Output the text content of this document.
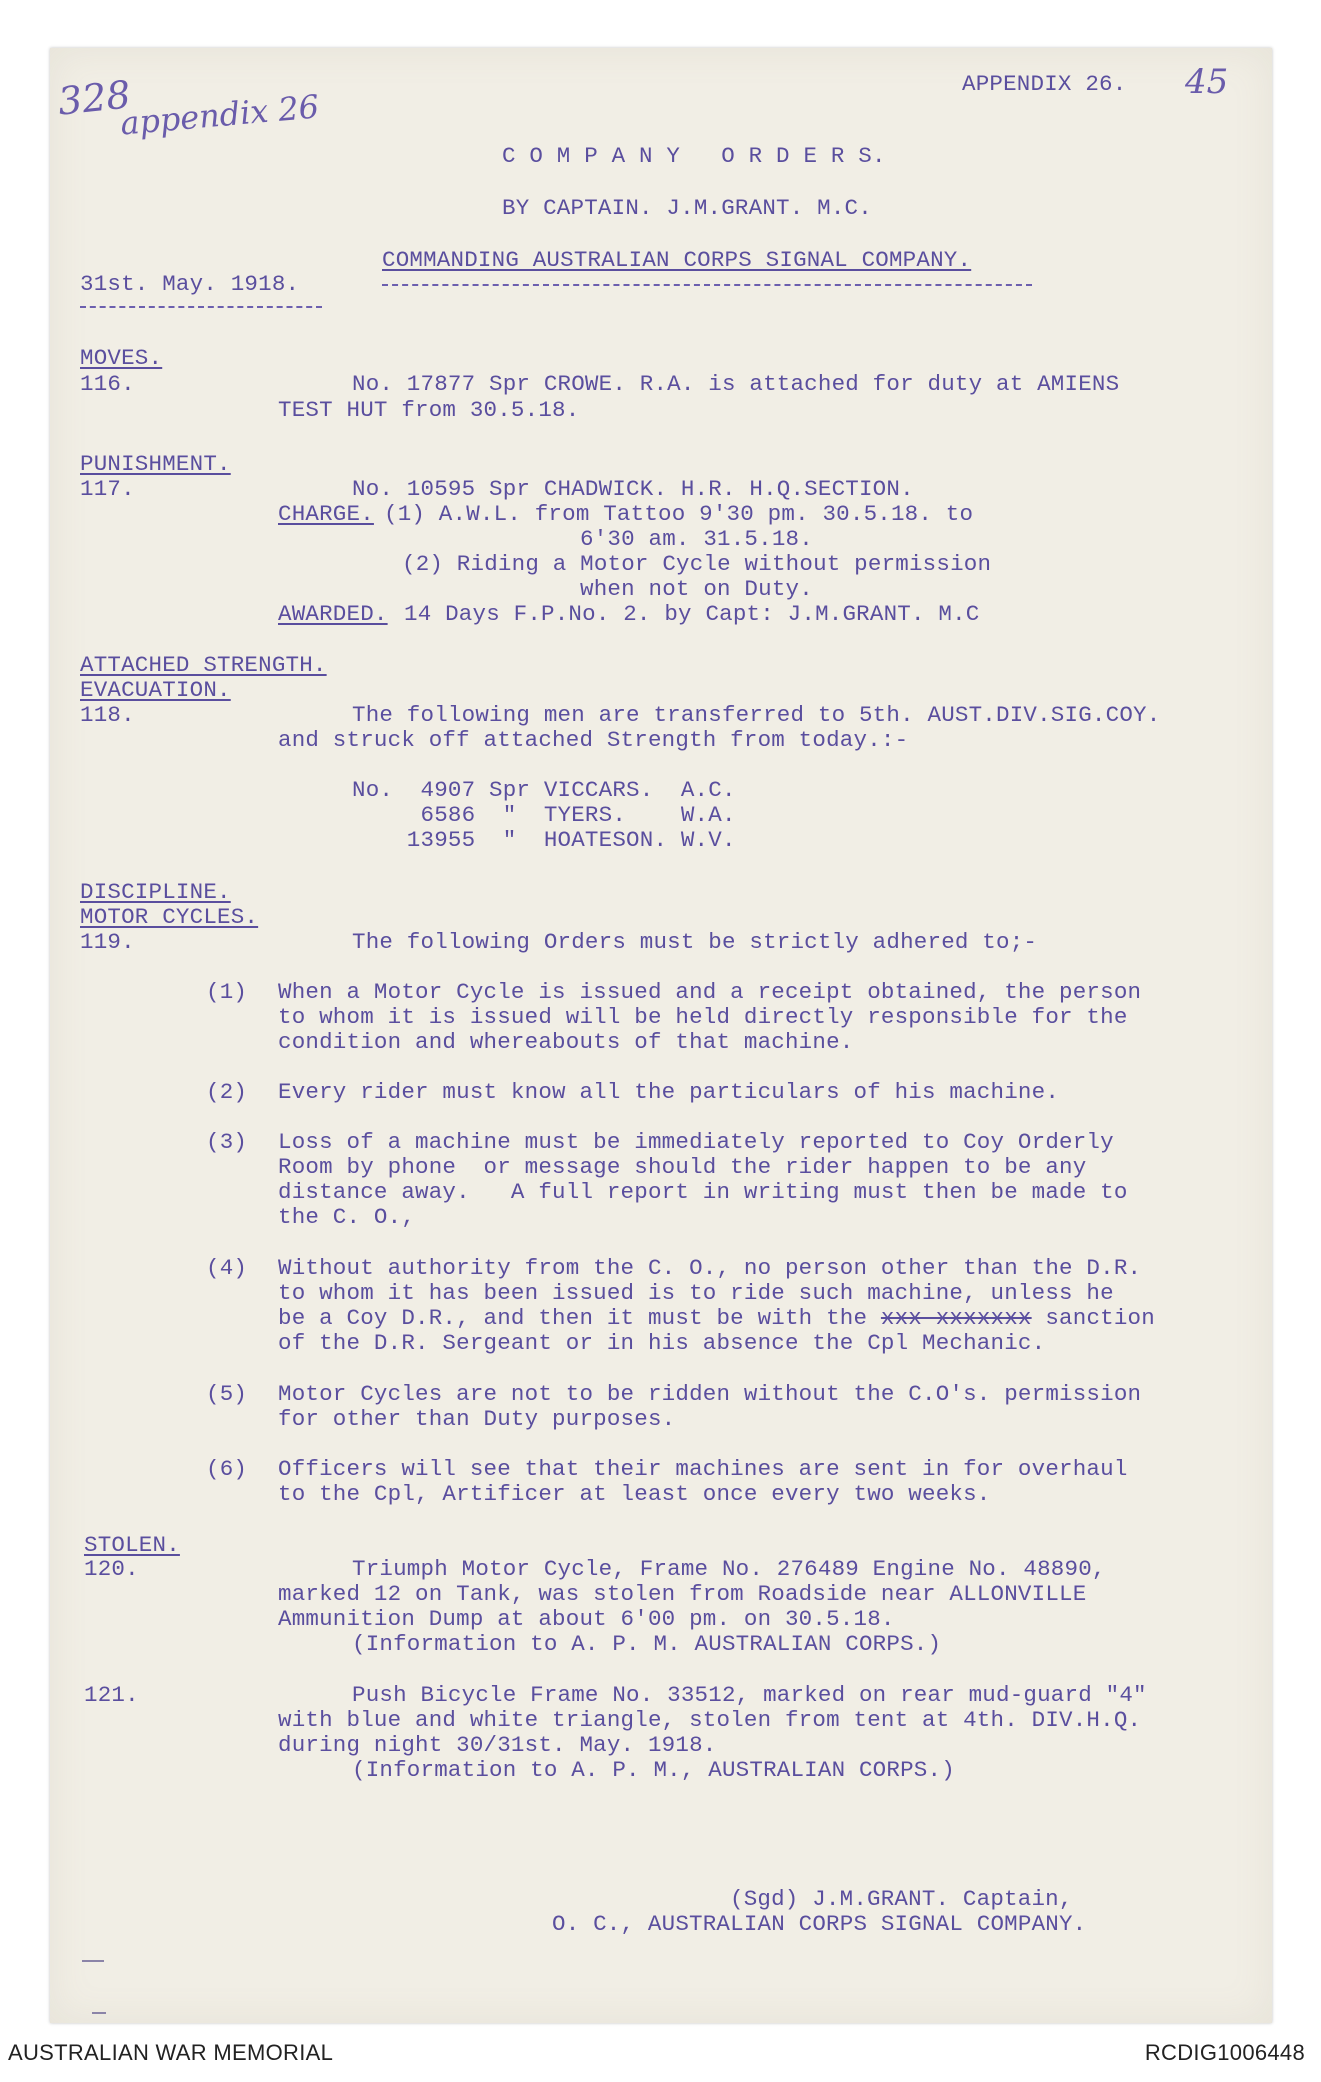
328
appendix 26
45
APPENDIX 26.
C O M P A N Y   O R D E R S.
BY CAPTAIN. J.M.GRANT. M.C.
COMMANDING AUSTRALIAN CORPS SIGNAL COMPANY.
31st. May. 1918.
MOVES.
116.	No. 17877 Spr CROWE. R.A. is attached for duty at AMIENS
TEST HUT from 30.5.18.
PUNISHMENT.
117.	No. 10595 Spr CHADWICK. H.R. H.Q.SECTION.
CHARGE. (1) A.W.L. from Tattoo 9'30 pm. 30.5.18. to
6'30 am. 31.5.18.
(2) Riding a Motor Cycle without permission
when not on Duty.
AWARDED. 14 Days F.P.No. 2. by Capt: J.M.GRANT. M.C
ATTACHED STRENGTH.
EVACUATION.
118.	The following men are transferred to 5th. AUST.DIV.SIG.COY.
and struck off attached Strength from today.:-
No.  4907 Spr VICCARS.  A.C.
6586  "  TYERS.    W.A.
13955  "  HOATESON. W.V.
DISCIPLINE.
MOTOR CYCLES.
119.	The following Orders must be strictly adhered to;-
(1) When a Motor Cycle is issued and a receipt obtained, the person
to whom it is issued will be held directly responsible for the
condition and whereabouts of that machine.
(2) Every rider must know all the particulars of his machine.
(3) Loss of a machine must be immediately reported to Coy Orderly
Room by phone  or message should the rider happen to be any
distance away.   A full report in writing must then be made to
the C. O.,
(4) Without authority from the C. O., no person other than the D.R.
to whom it has been issued is to ride such machine, unless he
be a Coy D.R., and then it must be with the xxx xxxxxxx sanction
of the D.R. Sergeant or in his absence the Cpl Mechanic.
(5) Motor Cycles are not to be ridden without the C.O's. permission
for other than Duty purposes.
(6) Officers will see that their machines are sent in for overhaul
to the Cpl, Artificer at least once every two weeks.
STOLEN.
120.	Triumph Motor Cycle, Frame No. 276489 Engine No. 48890,
marked 12 on Tank, was stolen from Roadside near ALLONVILLE
Ammunition Dump at about 6'00 pm. on 30.5.18.
(Information to A. P. M. AUSTRALIAN CORPS.)
121.	Push Bicycle Frame No. 33512, marked on rear mud-guard "4"
with blue and white triangle, stolen from tent at 4th. DIV.H.Q.
during night 30/31st. May. 1918.
(Information to A. P. M., AUSTRALIAN CORPS.)
(Sgd) J.M.GRANT. Captain,
O. C., AUSTRALIAN CORPS SIGNAL COMPANY.
AUSTRALIAN WAR MEMORIAL	RCDIG1006448
